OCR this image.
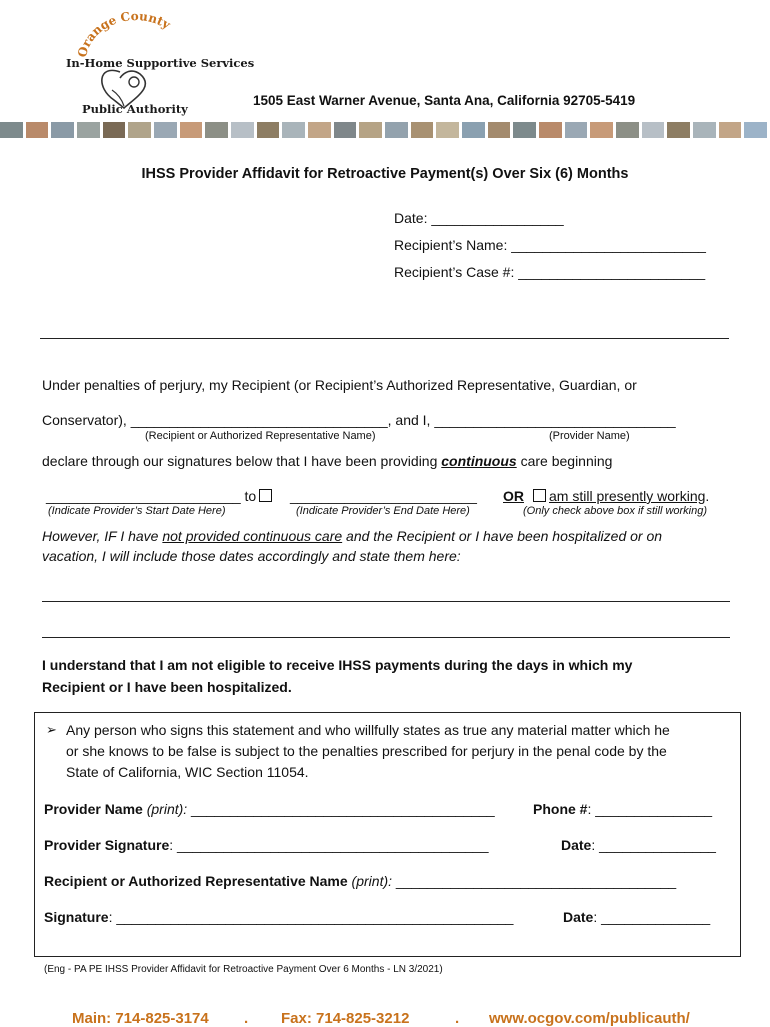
Orange County
In-Home Supportive Services
Public Authority
1505 East Warner Avenue, Santa Ana, California 92705-5419
IHSS Provider Affidavit for Retroactive Payment(s) Over Six (6) Months
Date: _________________
Recipient’s Name: _________________________
Recipient’s Case #: ________________________
Under penalties of perjury, my Recipient (or Recipient’s Authorized Representative, Guardian, or
Conservator), _________________________________, and I, _______________________________
(Recipient or Authorized Representative Name)	(Provider Name)
declare through our signatures below that I have been providing continuous care beginning
_________________________ to	________________________ OR	am still presently working.
(Indicate Provider’s Start Date Here)	(Indicate Provider’s End Date Here)	(Only check above box if still working)
However, IF I have not provided continuous care and the Recipient or I have been hospitalized or on
vacation, I will include those dates accordingly and state them here:
I understand that I am not eligible to receive IHSS payments during the days in which my
Recipient or I have been hospitalized.
➢ Any person who signs this statement and who willfully states as true any material matter which he
or she knows to be false is subject to the penalties prescribed for perjury in the penal code by the
State of California, WIC Section 11054.
Provider Name (print): _______________________________________	Phone #: _______________
Provider Signature: ________________________________________	Date: _______________
Recipient or Authorized Representative Name (print): ____________________________________
Signature: ___________________________________________________	Date: ______________
(Eng - PA PE IHSS Provider Affidavit for Retroactive Payment Over 6 Months - LN 3/2021)
Main: 714-825-3174 . Fax: 714-825-3212	. www.ocgov.com/publicauth/
